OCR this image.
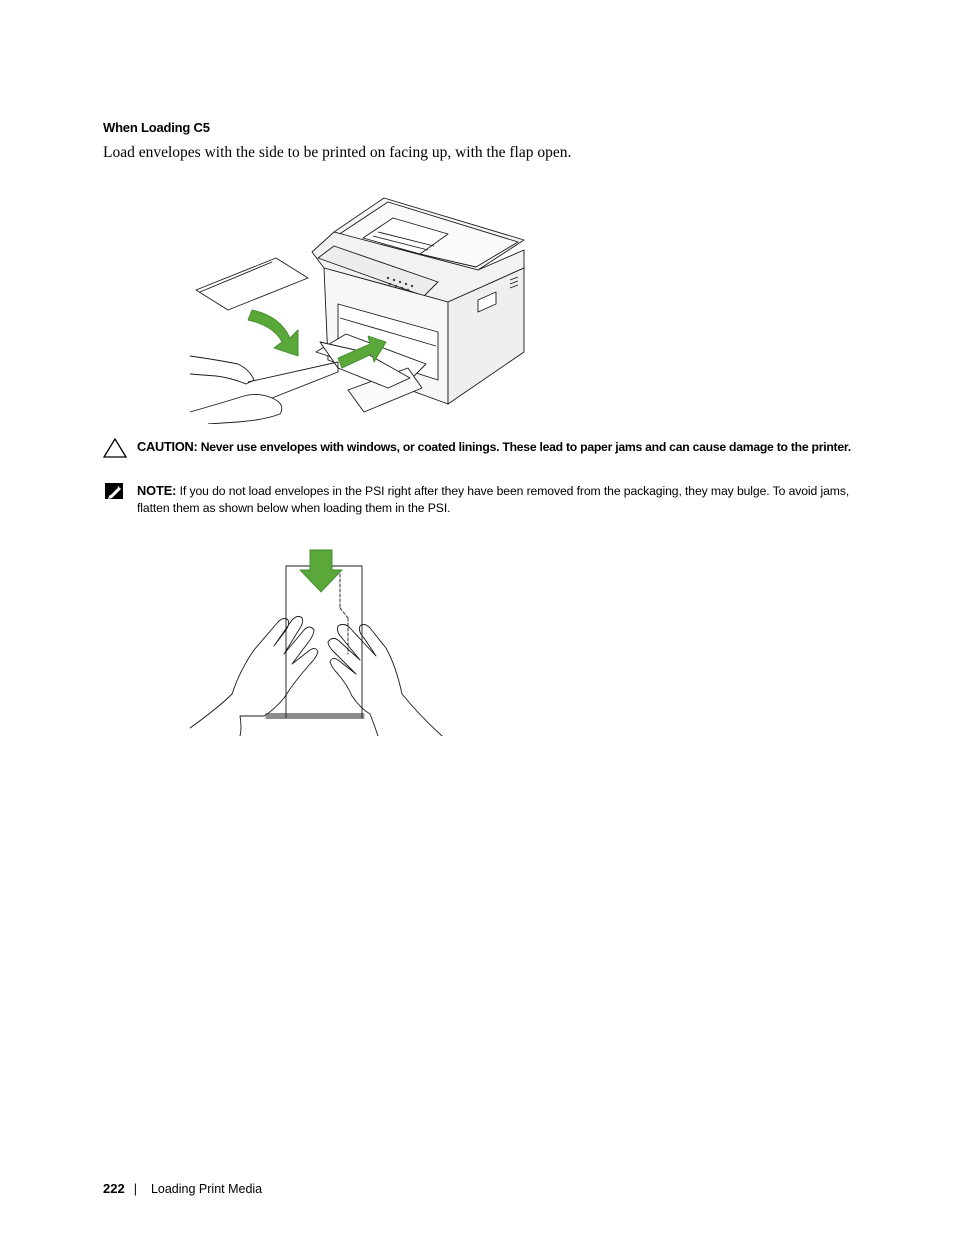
When Loading C5
Load envelopes with the side to be printed on facing up, with the flap open.
CAUTION: Never use envelopes with windows, or coated linings. These lead to paper jams and can cause damage to the printer.
NOTE: If you do not load envelopes in the PSI right after they have been removed from the packaging, they may bulge. To avoid jams, flatten them as shown below when loading them in the PSI.
222 | Loading Print Media
